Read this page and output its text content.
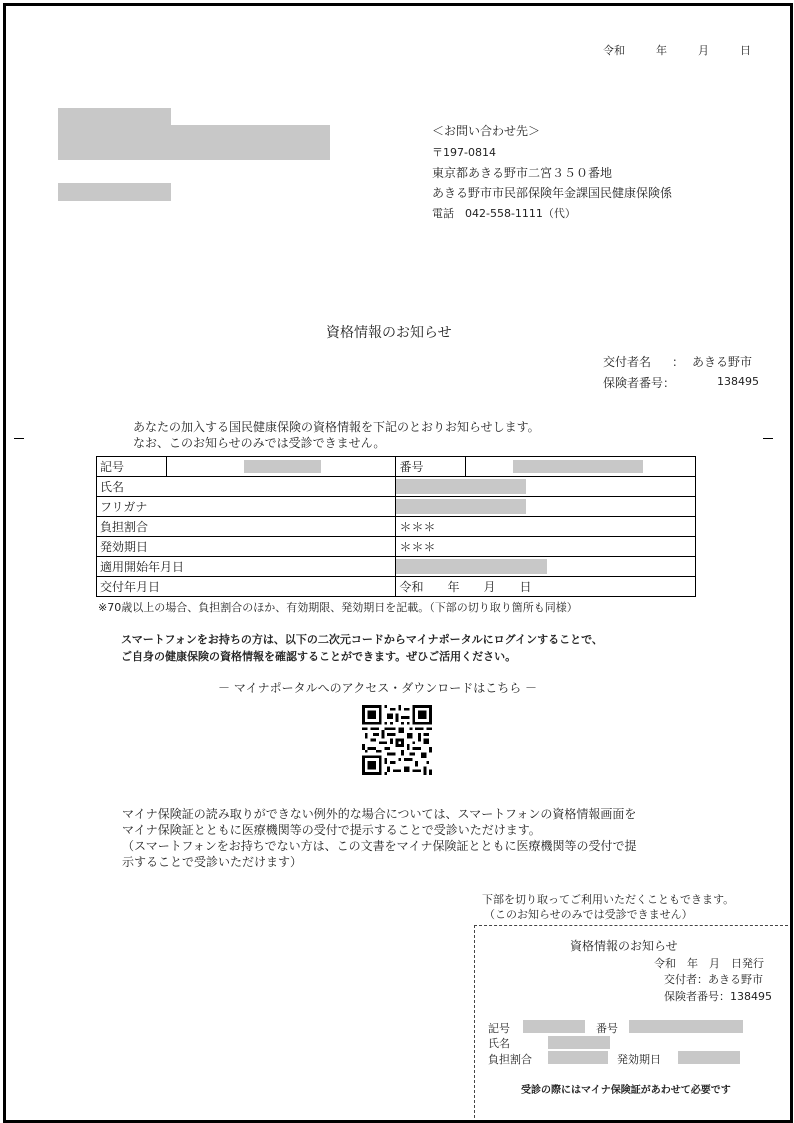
令和	年	月	日
＜お問い合わせ先＞
〒197-0814
東京都あきる野市二宮３５０番地
あきる野市市民部保険年金課国民健康保険係
電話　042-558-1111（代）
資格情報のお知らせ
交付者名 ： あきる野市
保険者番号：	138495
あなたの加入する国民健康保険の資格情報を下記のとおりお知らせします。
なお、このお知らせのみでは受診できません。
記号		番号	

氏名			

フリガナ			

負担割合		＊＊＊	
発効期日		＊＊＊	
適用開始年月日			

交付年月日		令和　　年　　月　　日	
※70歳以上の場合、負担割合のほか、有効期限、発効期日を記載。（下部の切り取り箇所も同様）
スマートフォンをお持ちの方は、以下の二次元コードからマイナポータルにログインすることで、
ご自身の健康保険の資格情報を確認することができます。ぜひご活用ください。
－ マイナポータルへのアクセス・ダウンロードはこちら －
マイナ保険証の読み取りができない例外的な場合については、スマートフォンの資格情報画面を
マイナ保険証とともに医療機関等の受付で提示することで受診いただけます。
（スマートフォンをお持ちでない方は、この文書をマイナ保険証とともに医療機関等の受付で提
示することで受診いただけます）
下部を切り取ってご利用いただくこともできます。
（このお知らせのみでは受診できません）
資格情報のお知らせ
令和　年　月　日発行
交付者：あきる野市
保険者番号：138495
記号	番号
氏名
負担割合	発効期日
受診の際にはマイナ保険証があわせて必要です
